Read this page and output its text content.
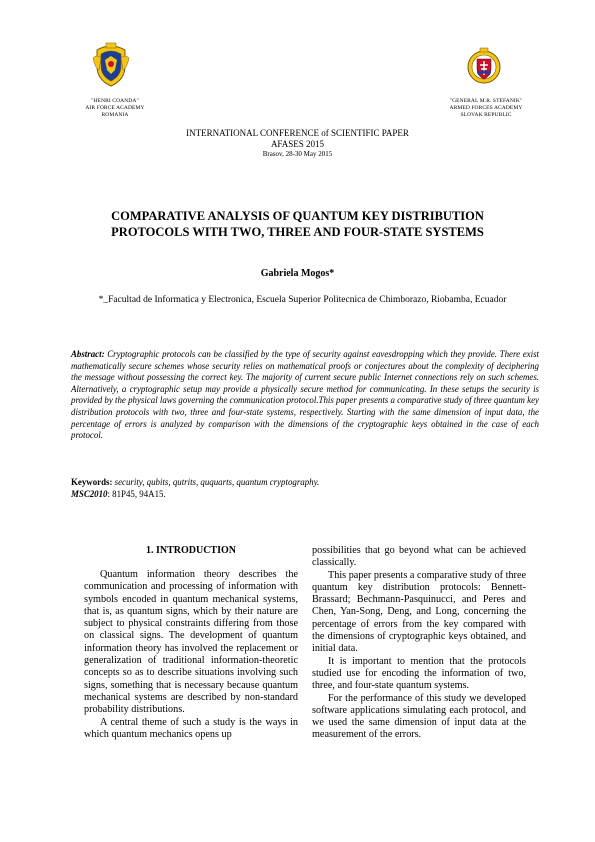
"HENRI COANDA"
AIR FORCE ACADEMY
ROMANIA
"GENERAL M.R. STEFANIK"
ARMED FORCES ACADEMY
SLOVAK REPUBLIC
INTERNATIONAL CONFERENCE of SCIENTIFIC PAPER
AFASES 2015
Brasov, 28-30 May 2015
COMPARATIVE ANALYSIS OF QUANTUM KEY DISTRIBUTION
PROTOCOLS WITH TWO, THREE AND FOUR-STATE SYSTEMS
Gabriela Mogos*
*_Facultad de Informatica y Electronica, Escuela Superior Politecnica de Chimborazo, Riobamba, Ecuador
Abstract: Cryptographic protocols can be classified by the type of security against eavesdropping which they provide. There exist mathematically secure schemes whose security relies on mathematical proofs or conjectures about the complexity of deciphering the message without possessing the correct key. The majority of current secure public Internet connections rely on such schemes. Alternatively, a cryptographic setup may provide a physically secure method for communicating. In these setups the security is provided by the physical laws governing the communication protocol.This paper presents a comparative study of three quantum key distribution protocols with two, three and four-state systems, respectively. Starting with the same dimension of input data, the percentage of errors is analyzed by comparison with the dimensions of the cryptographic keys obtained in the case of each protocol.
Keywords: security, qubits, qutrits, ququarts, quantum cryptography.
MSC2010: 81P45, 94A15.

1. INTRODUCTION

Quantum information theory describes the communication and processing of information with symbols encoded in quantum mechanical systems, that is, as quantum signs, which by their nature are subject to physical constraints differing from those on classical signs. The development of quantum information theory has involved the replacement or generalization of traditional information-theoretic concepts so as to describe situations involving such signs, something that is necessary because quantum mechanical systems are described by non-standard probability distributions.

A central theme of such a study is the ways in which quantum mechanics opens up

possibilities that go beyond what can be achieved classically.

This paper presents a comparative study of three quantum key distribution protocols: Bennett-Brassard; Bechmann-Pasquinucci, and Peres and Chen, Yan-Song, Deng, and Long, concerning the percentage of errors from the key compared with the dimensions of cryptographic keys obtained, and initial data.

It is important to mention that the protocols studied use for encoding the information of two, three, and four-state quantum systems.

For the performance of this study we developed software applications simulating each protocol, and we used the same dimension of input data at the measurement of the errors.
